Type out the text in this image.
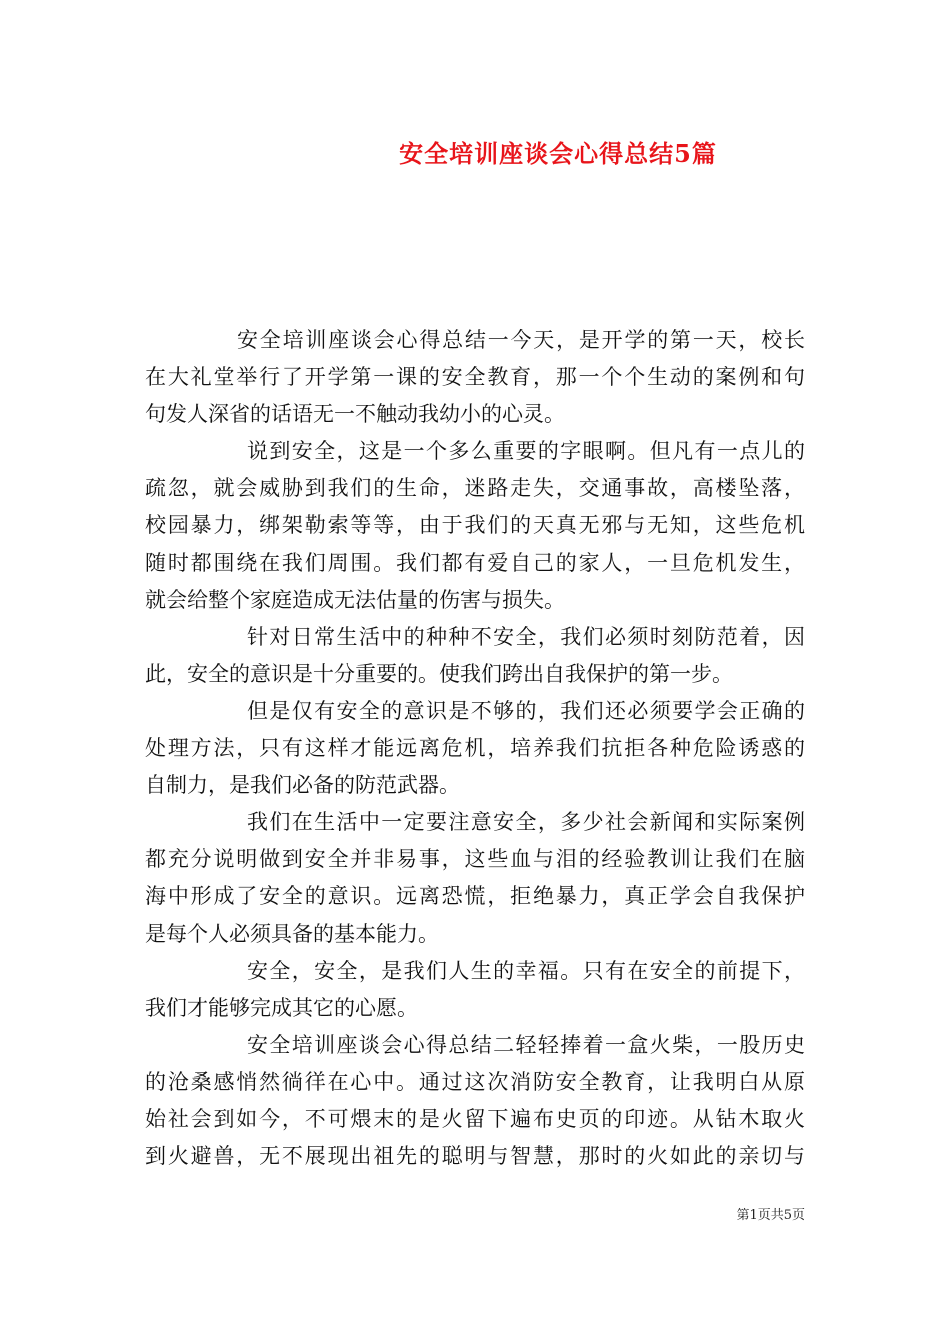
安全培训座谈会心得总结5篇
安全培训座谈会心得总结一今天，是开学的第一天，校长
在大礼堂举行了开学第一课的安全教育，那一个个生动的案例和句
句发人深省的话语无一不触动我幼小的心灵。
说到安全，这是一个多么重要的字眼啊。但凡有一点儿的
疏忽，就会威胁到我们的生命，迷路走失，交通事故，高楼坠落，
校园暴力，绑架勒索等等，由于我们的天真无邪与无知，这些危机
随时都围绕在我们周围。我们都有爱自己的家人，一旦危机发生，
就会给整个家庭造成无法估量的伤害与损失。
针对日常生活中的种种不安全，我们必须时刻防范着，因
此，安全的意识是十分重要的。使我们跨出自我保护的第一步。
但是仅有安全的意识是不够的，我们还必须要学会正确的
处理方法，只有这样才能远离危机，培养我们抗拒各种危险诱惑的
自制力，是我们必备的防范武器。
我们在生活中一定要注意安全，多少社会新闻和实际案例
都充分说明做到安全并非易事，这些血与泪的经验教训让我们在脑
海中形成了安全的意识。远离恐慌，拒绝暴力，真正学会自我保护
是每个人必须具备的基本能力。
安全，安全，是我们人生的幸福。只有在安全的前提下，
我们才能够完成其它的心愿。
安全培训座谈会心得总结二轻轻捧着一盒火柴，一股历史
的沧桑感悄然徜徉在心中。通过这次消防安全教育，让我明白从原
始社会到如今，不可煨末的是火留下遍布史页的印迹。从钻木取火
到火避兽，无不展现出祖先的聪明与智慧，那时的火如此的亲切与
第1页共5页
